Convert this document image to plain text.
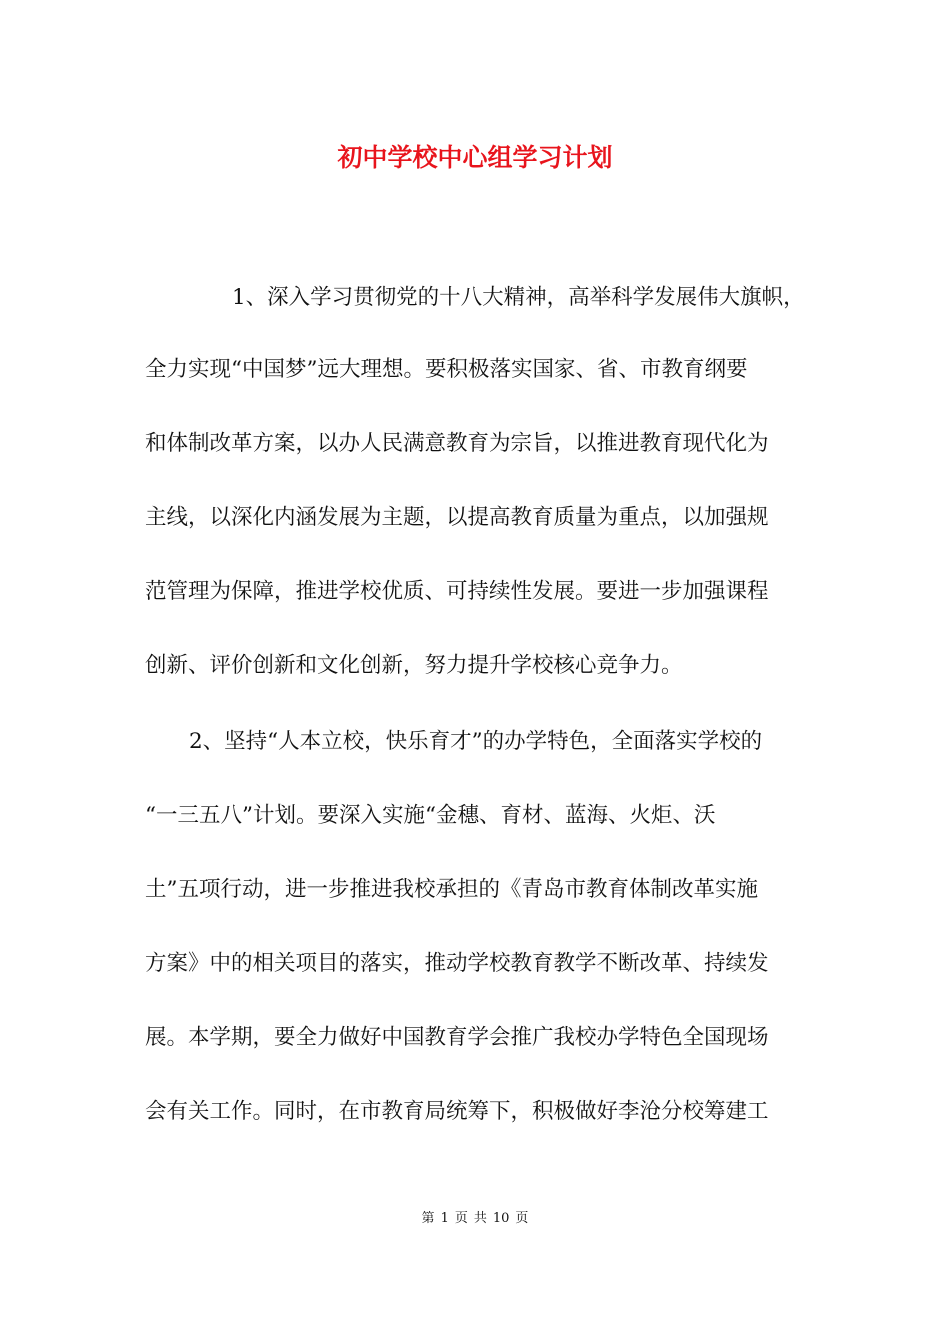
初中学校中心组学习计划

1、深入学习贯彻党的十八大精神，高举科学发展伟大旗帜，

全力实现“中国梦”远大理想。要积极落实国家、省、市教育纲要

和体制改革方案，以办人民满意教育为宗旨，以推进教育现代化为

主线，以深化内涵发展为主题，以提高教育质量为重点，以加强规

范管理为保障，推进学校优质、可持续性发展。要进一步加强课程

创新、评价创新和文化创新，努力提升学校核心竞争力。

2、坚持“人本立校，快乐育才”的办学特色，全面落实学校的

“一三五八”计划。要深入实施“金穗、育材、蓝海、火炬、沃

土”五项行动，进一步推进我校承担的《青岛市教育体制改革实施

方案》中的相关项目的落实，推动学校教育教学不断改革、持续发

展。本学期，要全力做好中国教育学会推广我校办学特色全国现场

会有关工作。同时，在市教育局统筹下，积极做好李沧分校筹建工

第 1 页 共 10 页
